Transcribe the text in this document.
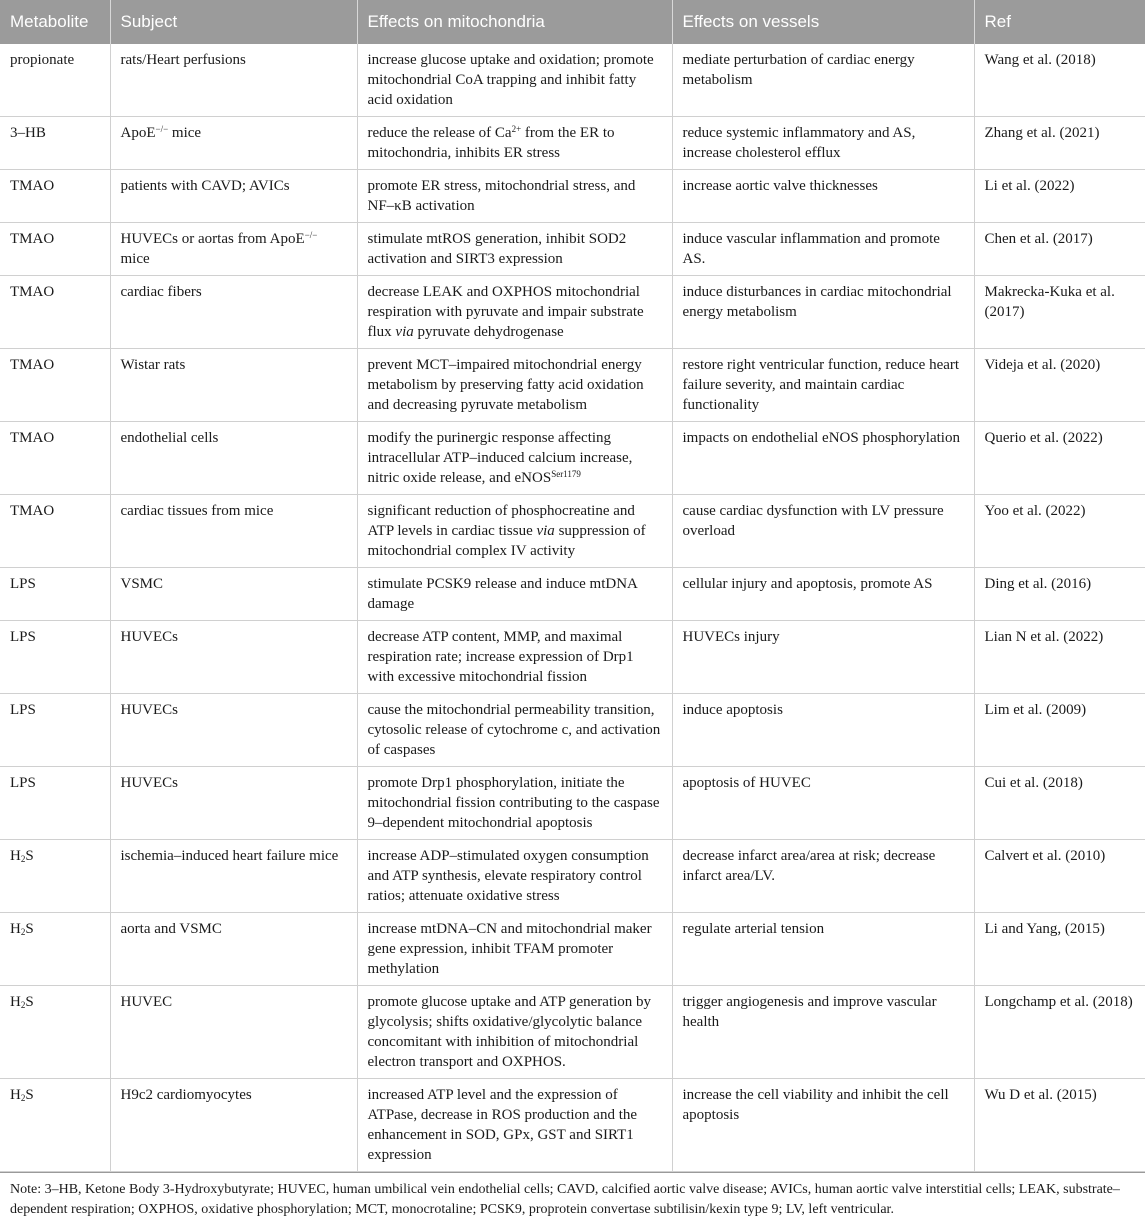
Metabolite	Subject	Effects on mitochondria	Effects on vessels	Ref
propionate	rats/Heart perfusions	increase glucose uptake and oxidation; promote mitochondrial CoA trapping and inhibit fatty acid oxidation	mediate perturbation of cardiac energy metabolism	Wang et al. (2018)
3–HB	ApoE−/− mice	reduce the release of $Ca^{2+}$ from the ER to mitochondria, inhibits ER stress	reduce systemic inflammatory and AS, increase cholesterol efflux	Zhang et al. (2021)
TMAO	patients with CAVD; AVICs	promote ER stress, mitochondrial stress, and NF–κB activation	increase aortic valve thicknesses	Li et al. (2022)
TMAO	HUVECs or aortas from ApoE−/− mice	stimulate mtROS generation, inhibit SOD2 activation and SIRT3 expression	induce vascular inflammation and promote AS.	Chen et al. (2017)
TMAO	cardiac fibers	decrease LEAK and OXPHOS mitochondrial respiration with pyruvate and impair substrate flux via pyruvate dehydrogenase	induce disturbances in cardiac mitochondrial energy metabolism	Makrecka-Kuka et al. (2017)
TMAO	Wistar rats	prevent MCT–impaired mitochondrial energy metabolism by preserving fatty acid oxidation and decreasing pyruvate metabolism	restore right ventricular function, reduce heart failure severity, and maintain cardiac functionality	Videja et al. (2020)
TMAO	endothelial cells	modify the purinergic response affecting intracellular ATP–induced calcium increase, nitric oxide release, and eNOS$^{Ser1179}$	impacts on endothelial eNOS phosphorylation	Querio et al. (2022)
TMAO	cardiac tissues from mice	significant reduction of phosphocreatine and ATP levels in cardiac tissue via suppression of mitochondrial complex IV activity	cause cardiac dysfunction with LV pressure overload	Yoo et al. (2022)
LPS	VSMC	stimulate PCSK9 release and induce mtDNA damage	cellular injury and apoptosis, promote AS	Ding et al. (2016)
LPS	HUVECs	decrease ATP content, MMP, and maximal respiration rate; increase expression of Drp1 with excessive mitochondrial fission	HUVECs injury	Lian N et al. (2022)
LPS	HUVECs	cause the mitochondrial permeability transition, cytosolic release of cytochrome c, and activation of caspases	induce apoptosis	Lim et al. (2009)
LPS	HUVECs	promote Drp1 phosphorylation, initiate the mitochondrial fission contributing to the caspase 9–dependent mitochondrial apoptosis	apoptosis of HUVEC	Cui et al. (2018)
$H_2S$	ischemia–induced heart failure mice	increase ADP–stimulated oxygen consumption and ATP synthesis, elevate respiratory control ratios; attenuate oxidative stress	decrease infarct area/area at risk; decrease infarct area/LV.	Calvert et al. (2010)
$H_2S$	aorta and VSMC	increase mtDNA–CN and mitochondrial maker gene expression, inhibit TFAM promoter methylation	regulate arterial tension	Li and Yang, (2015)
$H_2S$	HUVEC	promote glucose uptake and ATP generation by glycolysis; shifts oxidative/glycolytic balance concomitant with inhibition of mitochondrial electron transport and OXPHOS.	trigger angiogenesis and improve vascular health	Longchamp et al. (2018)
$H_2S$	H9c2 cardiomyocytes	increased ATP level and the expression of ATPase, decrease in ROS production and the enhancement in SOD, GPx, GST and SIRT1 expression	increase the cell viability and inhibit the cell apoptosis	Wu D et al. (2015)
Note: 3–HB, Ketone Body 3-Hydroxybutyrate; HUVEC, human umbilical vein endothelial cells; CAVD, calcified aortic valve disease; AVICs, human aortic valve interstitial cells; LEAK, substrate–dependent respiration; OXPHOS, oxidative phosphorylation; MCT, monocrotaline; PCSK9, proprotein convertase subtilisin/kexin type 9; LV, left ventricular.
